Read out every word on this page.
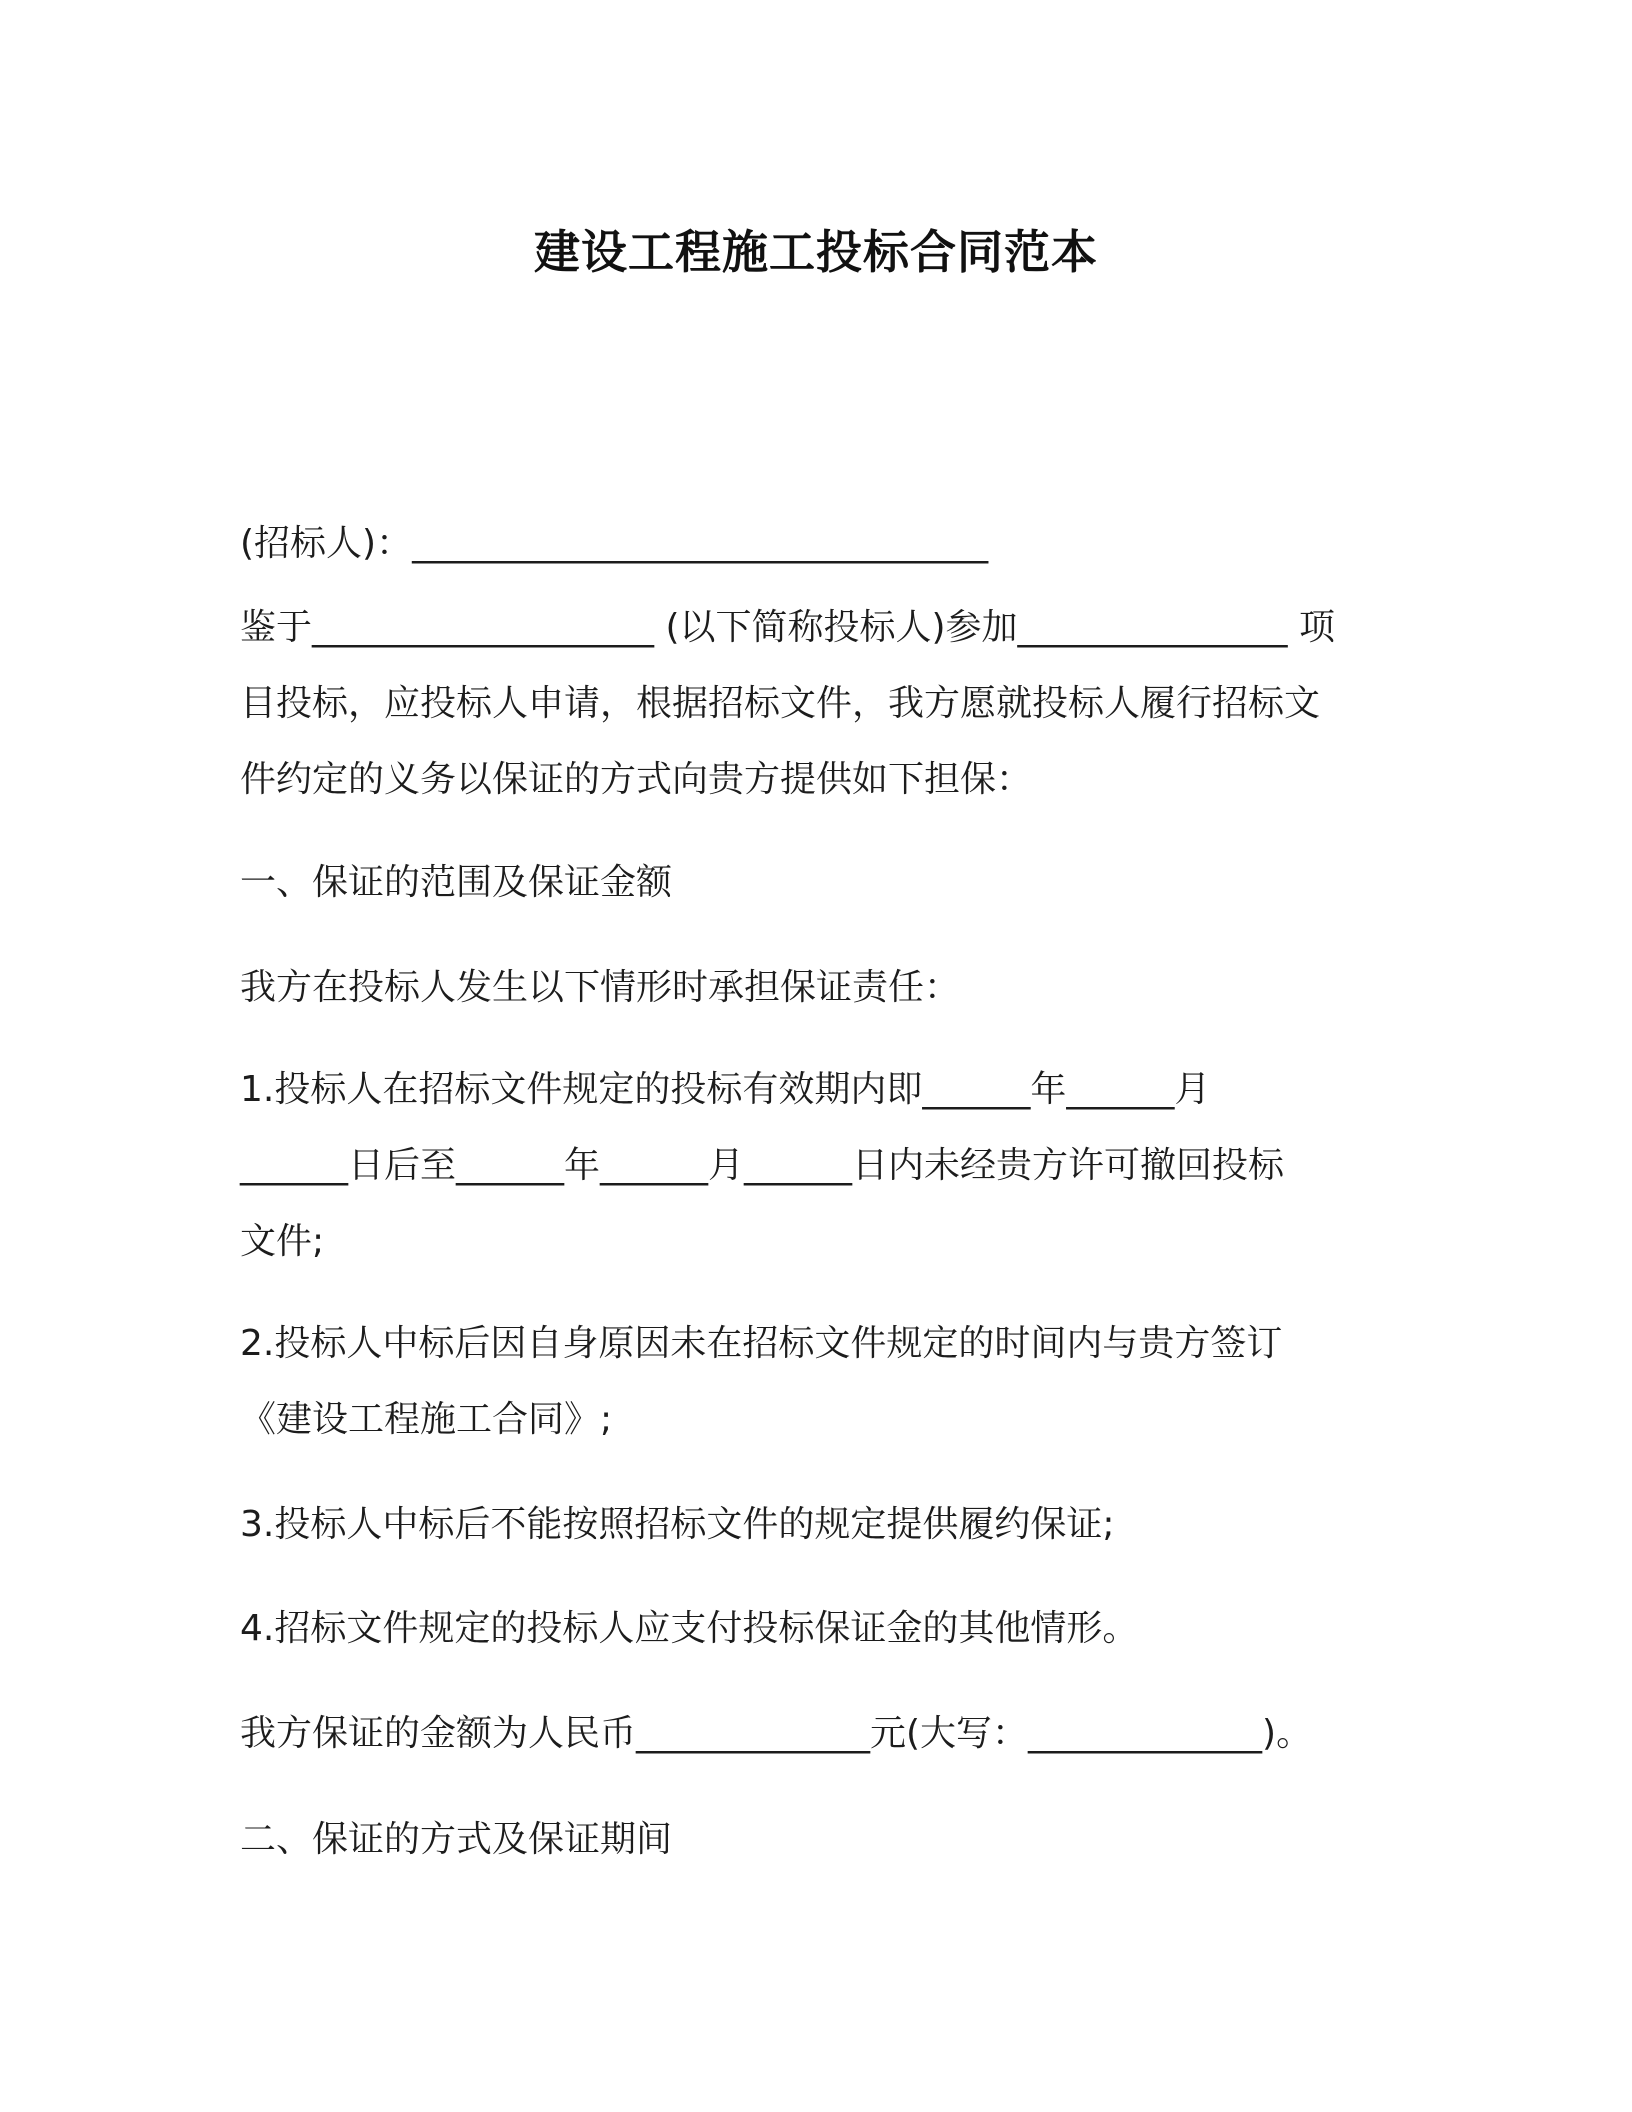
建设工程施工投标合同范本
(招标人)：________________________________
鉴于___________________ (以下简称投标人)参加_______________ 项
目投标，应投标人申请，根据招标文件，我方愿就投标人履行招标文
件约定的义务以保证的方式向贵方提供如下担保：
一、保证的范围及保证金额
我方在投标人发生以下情形时承担保证责任：
1.投标人在招标文件规定的投标有效期内即______年______月
______日后至______年______月______日内未经贵方许可撤回投标
文件;
2.投标人中标后因自身原因未在招标文件规定的时间内与贵方签订
《建设工程施工合同》;
3.投标人中标后不能按照招标文件的规定提供履约保证;
4.招标文件规定的投标人应支付投标保证金的其他情形。
我方保证的金额为人民币_____________元(大写：_____________)。
二、保证的方式及保证期间
